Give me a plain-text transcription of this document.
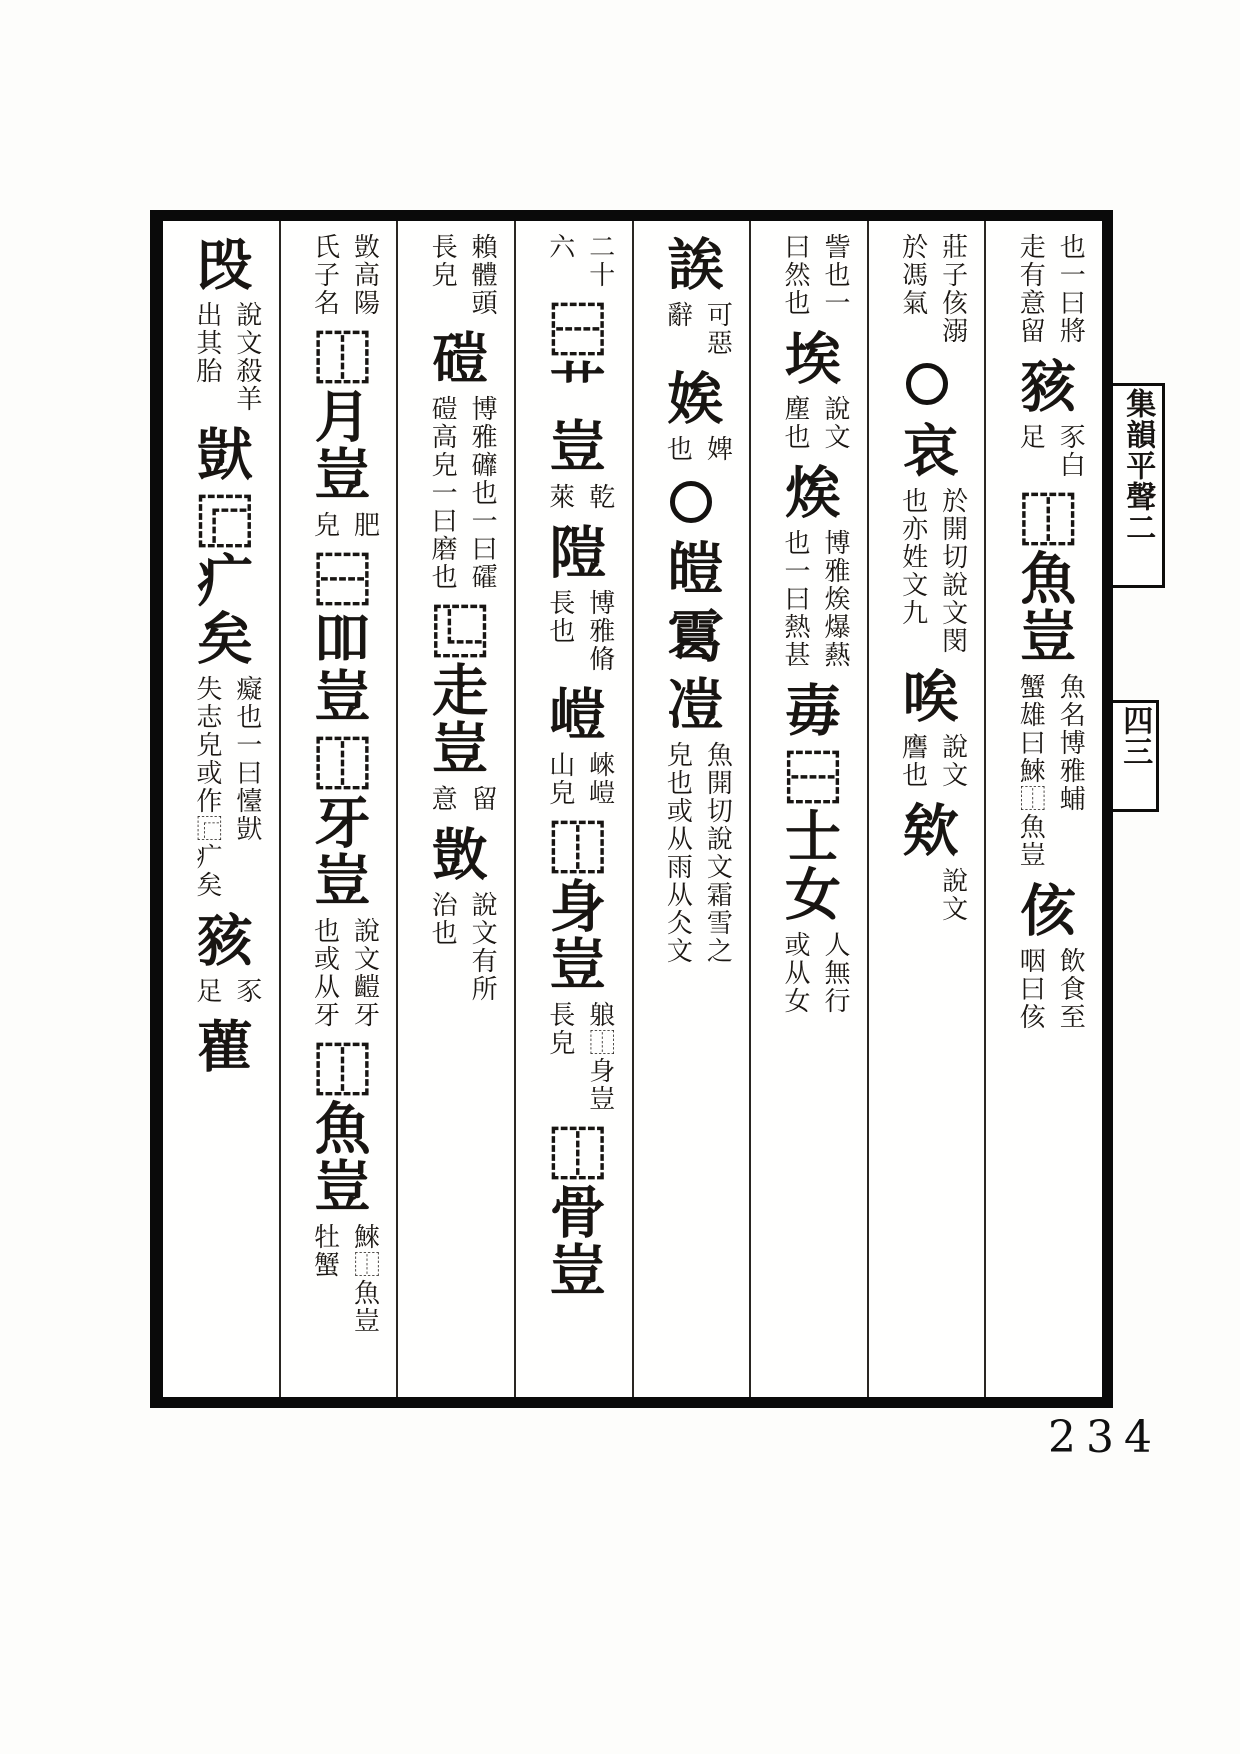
也一曰將
走有意留
豥
豕白
足
⿰魚豈
魚名博雅蜅
蟹雄曰鯠⿰魚豈
侅
飲食至
咽曰侅
莊子侅溺
於馮氣
哀
於開切說文閔
也亦姓文九
唉
說文
譍也
欸
說文
訾也一
曰然也
埃
說文
塵也
㶼
博雅㶼爆爇
也一曰熱甚
毐
⿱士女
人無行
或从女
誒
可惡
辭
娭
婢
也
皚
䨠
凒
魚開切說文霜雪之
皃也或从雨从仌文
二十
六
⿱艹豈
乾
萊
隑
博雅脩
長也
嵦
崍嵦
山皃
⿰身豈
躴⿰身豈
長皃
⿰骨豈
賴體頭
長皃
磑
博雅䃺也一曰礭
磑高皃一曰磨也
⿺走豈
留
意
敳
說文有所
治也
敳高陽
氏子名
⿰月豈
肥
皃
⿱吅豈
⿰牙豈
說文䶣牙
也或从牙
⿰魚豈
鯠⿰魚豈
牡蟹
㱼
說文殺羊
出其胎
獃
⿸疒矣
癡也一曰懛獃
失志皃或作⿸疒矣
豥
豕
足
雚
集韻平聲二
四三
234
